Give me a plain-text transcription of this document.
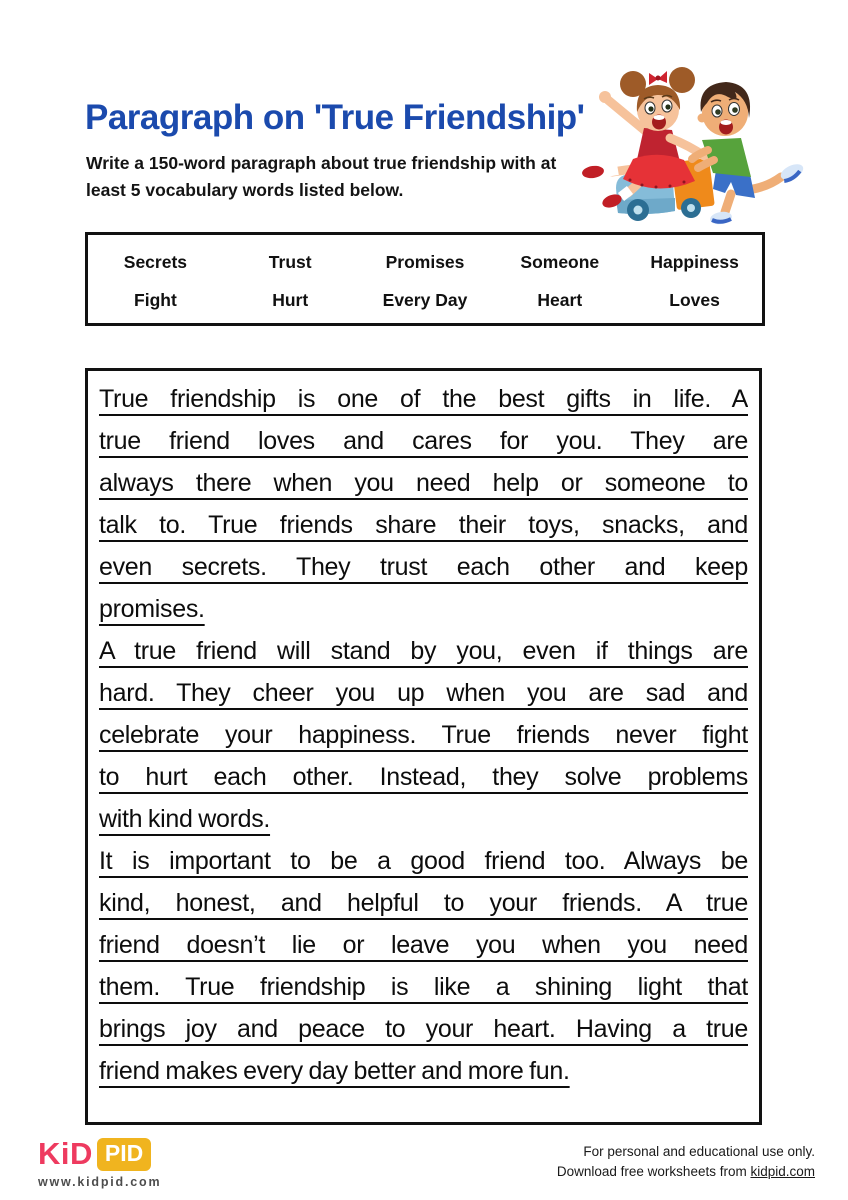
Paragraph on 'True Friendship'
Write a 150-word paragraph about true friendship with at
least 5 vocabulary words listed below.
Secrets	Trust	Promises	Someone	Happiness
Fight	Hurt	Every Day	Heart	Loves
True friendship is one of the best gifts in life. A
true friend loves and cares for you. They are
always there when you need help or someone to
talk to. True friends share their toys, snacks, and
even secrets. They trust each other and keep
promises.
A true friend will stand by you, even if things are
hard. They cheer you up when you are sad and
celebrate your happiness. True friends never fight
to hurt each other. Instead, they solve problems
with kind words.
It is important to be a good friend too. Always be
kind, honest, and helpful to your friends. A true
friend doesn’t lie or leave you when you need
them. True friendship is like a shining light that
brings joy and peace to your heart. Having a true
friend makes every day better and more fun.
KiD PID
www.kidpid.com
For personal and educational use only.
Download free worksheets from kidpid.com
